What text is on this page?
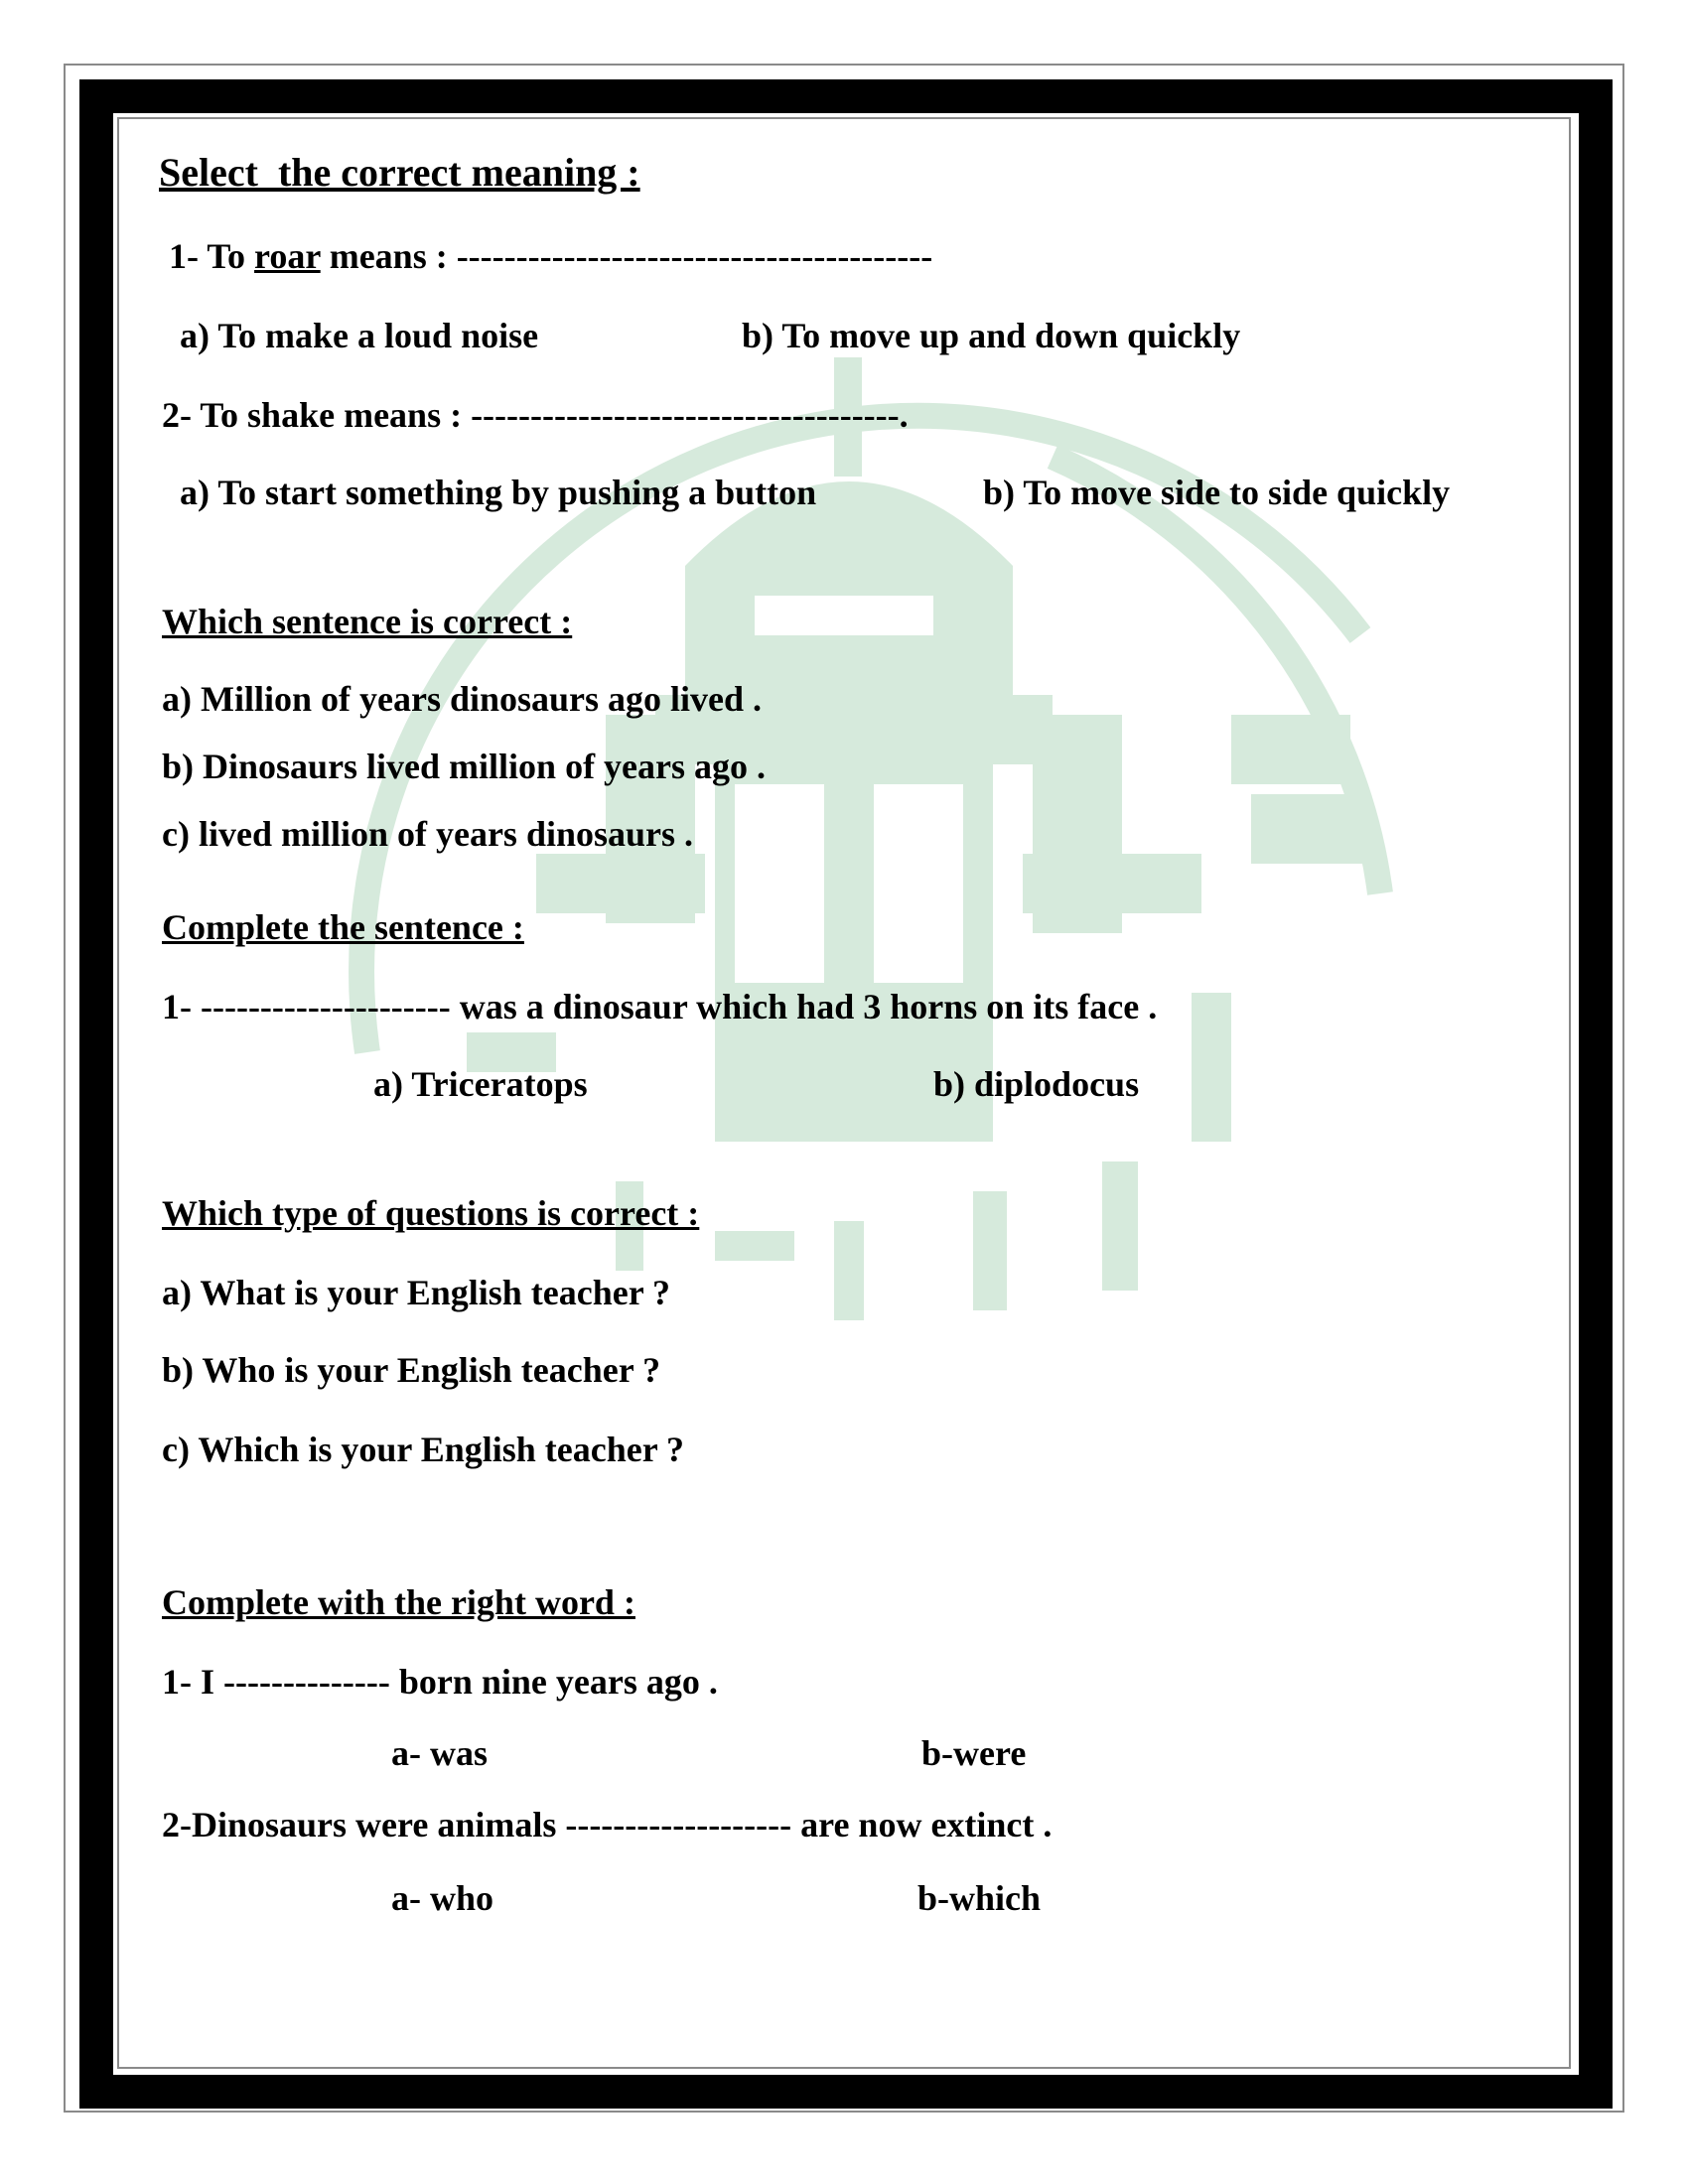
Select  the correct meaning :
1- To roar means : ----------------------------------------
a) To make a loud noise	b) To move up and down quickly
2- To shake means : ------------------------------------.
a) To start something by pushing a button	b) To move side to side quickly
Which sentence is correct :
a) Million of years dinosaurs ago lived .
b) Dinosaurs lived million of years ago .
c) lived million of years dinosaurs .
Complete the sentence :
1- --------------------- was a dinosaur which had 3 horns on its face .
a) Triceratops	b) diplodocus
Which type of questions is correct :
a) What is your English teacher ?
b) Who is your English teacher ?
c) Which is your English teacher ?
Complete with the right word :
1- I -------------- born nine years ago .
a- was	b-were
2-Dinosaurs were animals ------------------- are now extinct .
a- who	b-which
